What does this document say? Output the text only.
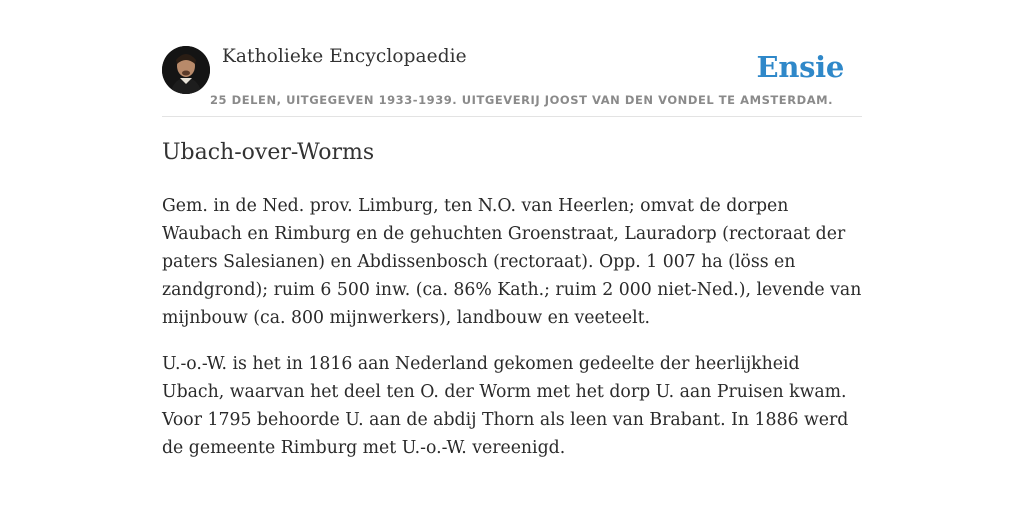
Katholieke Encyclopaedie
25 DELEN, UITGEGEVEN 1933-1939. UITGEVERIJ JOOST VAN DEN VONDEL TE AMSTERDAM.
Ensie
Ubach-over-Worms

Gem. in de Ned. prov. Limburg, ten N.O. van Heerlen; omvat de dorpen Waubach en Rimburg en de gehuchten Groenstraat, Lauradorp (rectoraat der paters Salesianen) en Abdissenbosch (rectoraat). Opp. 1 007 ha (löss en zandgrond); ruim 6 500 inw. (ca. 86% Kath.; ruim 2 000 niet-Ned.), levende van mijnbouw (ca. 800 mijnwerkers), landbouw en veeteelt.

U.-o.-W. is het in 1816 aan Nederland gekomen gedeelte der heerlijkheid Ubach, waarvan het deel ten O. der Worm met het dorp U. aan Pruisen kwam. Voor 1795 behoorde U. aan de abdij Thorn als leen van Brabant. In 1886 werd de gemeente Rimburg met U.-o.-W. vereenigd.
